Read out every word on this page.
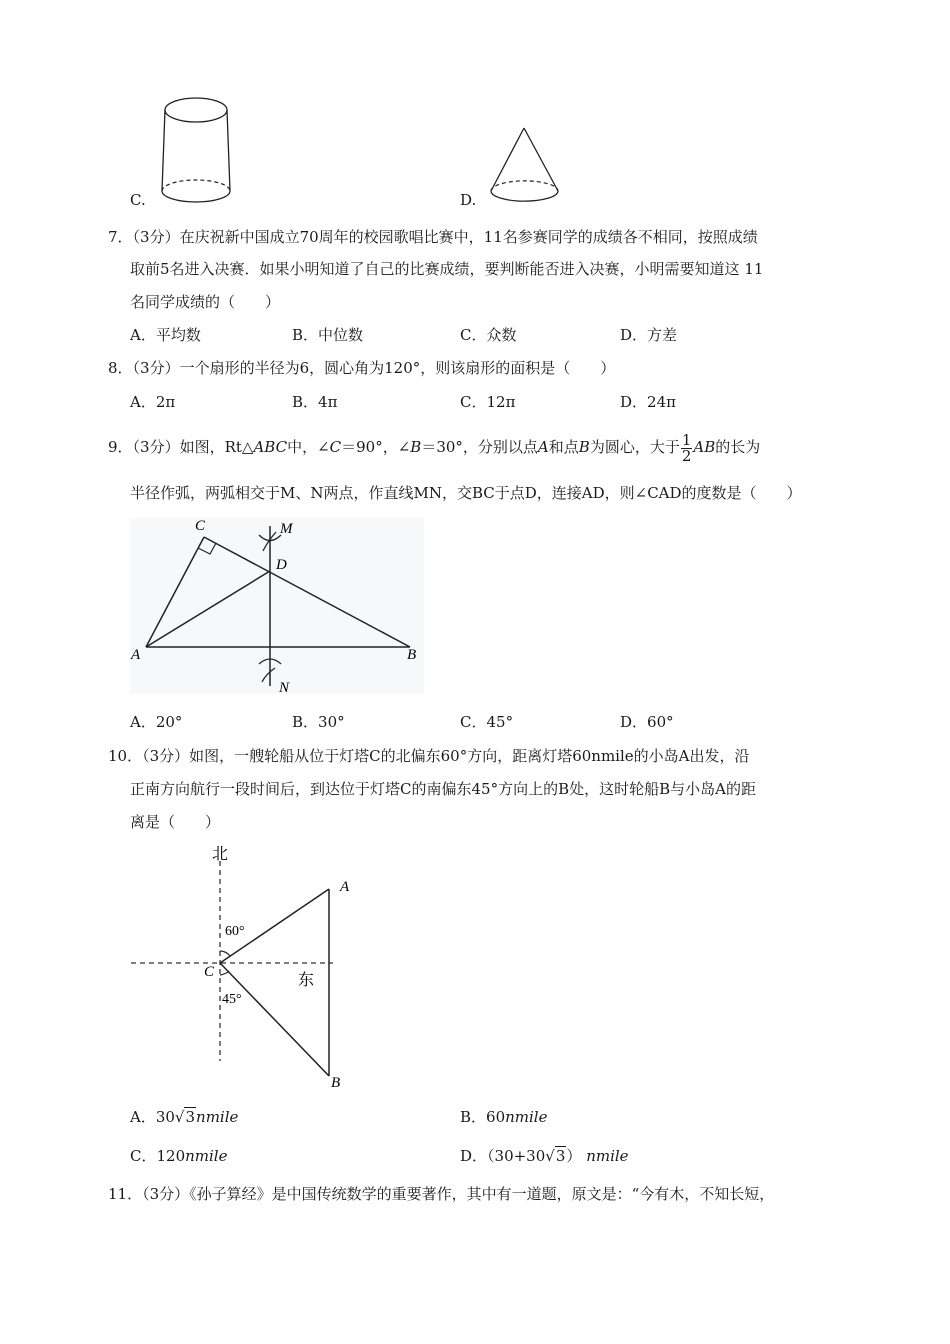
C.	D.
7．（3分）在庆祝新中国成立70周年的校园歌唱比赛中，11名参赛同学的成绩各不相同，按照成绩
取前5名进入决赛．如果小明知道了自己的比赛成绩，要判断能否进入决赛，小明需要知道这 11
名同学成绩的（　　）
A．平均数	B．中位数	C．众数	D．方差
8．（3分）一个扇形的半径为6，圆心角为120°，则该扇形的面积是（　　）
A．2π	B．4π	C．12π	D．24π
9．（3分）如图，Rt△ABC中，∠C＝90°，∠B＝30°，分别以点A和点B为圆心，大于 $\frac{1}{2}$ AB的长为
半径作弧，两弧相交于M、N两点，作直线MN，交BC于点D，连接AD，则∠CAD的度数是（　　）
C	M
D
A	B
N
A．20°	B．30°	C．45°	D．60°
10．（3分）如图，一艘轮船从位于灯塔C的北偏东60°方向，距离灯塔60nmile的小岛A出发，沿
正南方向航行一段时间后，到达位于灯塔C的南偏东45°方向上的B处，这时轮船B与小岛A的距
离是（　　）
北
东
60°
45°
A
C
B
A．30√3nmile	B．60nmile
C．120nmile	D．（30+30√3） nmile
11．（3分）《孙子算经》是中国传统数学的重要著作，其中有一道题，原文是：“今有木，不知长短，
